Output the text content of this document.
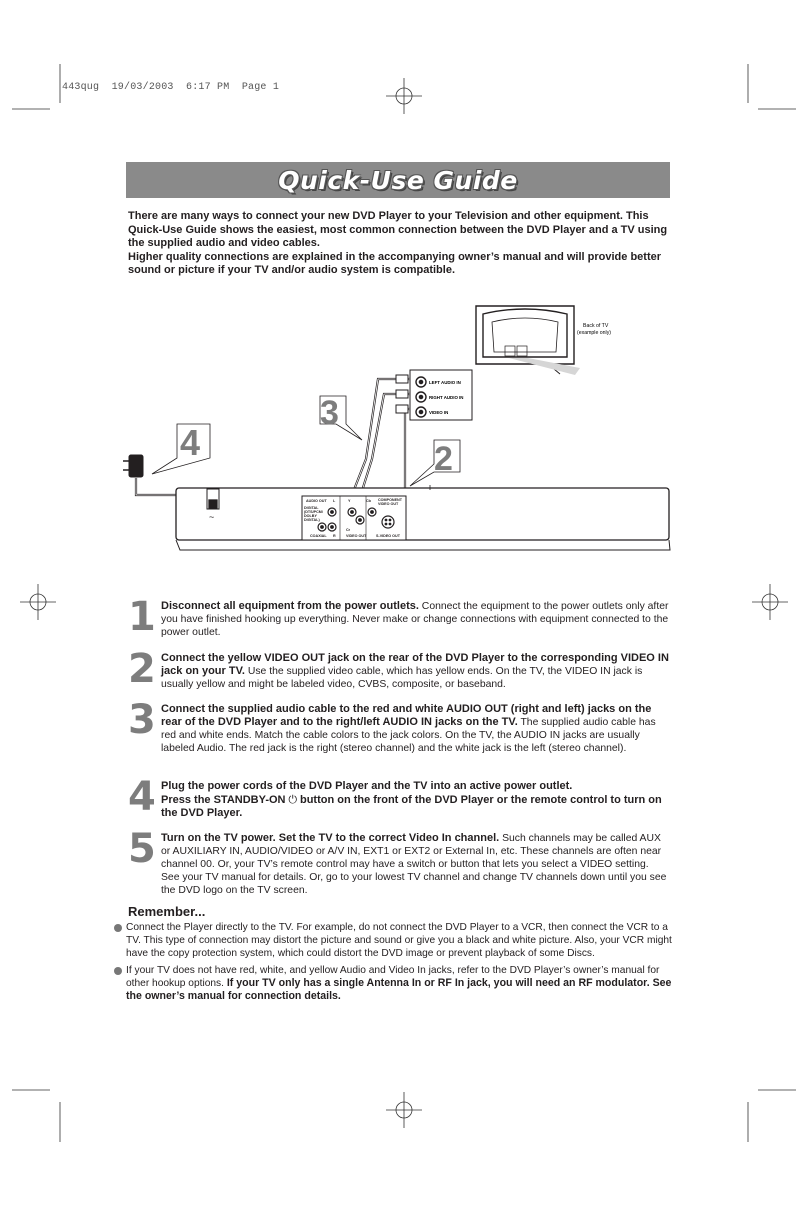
443qug  19/03/2003  6:17 PM  Page 1
Quick-Use Guide

There are many ways to connect your new DVD Player to your Television and other equipment. This Quick-Use Guide shows the easiest, most common connection between the DVD Player and a TV using the supplied audio and video cables.

Higher quality connections are explained in the accompanying owner’s manual and will provide better sound or picture if your TV and/or audio system is compatible.

Back of TV
(example only)
LEFT AUDIO IN
RIGHT AUDIO IN
VIDEO IN
4
3
2
~
AUDIO OUT
DIGITAL
(DTS/PCM/
DOLBY
DIGITAL)
COAXIAL
L
R
Y	Cb
Cr
COMPONENT
VIDEO OUT
VIDEO OUT	S-VIDEO OUT
1 Disconnect all equipment from the power outlets. Connect the equipment to the power outlets only after you have finished hooking up everything. Never make or change connections with equipment connected to the power outlet.
2 Connect the yellow VIDEO OUT jack on the rear of the DVD Player to the corresponding VIDEO IN jack on your TV. Use the supplied video cable, which has yellow ends. On the TV, the VIDEO IN jack is usually yellow and might be labeled video, CVBS, composite, or baseband.
3 Connect the supplied audio cable to the red and white AUDIO OUT (right and left) jacks on the rear of the DVD Player and to the right/left AUDIO IN jacks on the TV. The supplied audio cable has red and white ends. Match the cable colors to the jack colors. On the TV, the AUDIO IN jacks are usually labeled Audio. The red jack is the right (stereo channel) and the white jack is the left (stereo channel).
4 Plug the power cords of the DVD Player and the TV into an active power outlet.
Press the STANDBY-ON ⏻ button on the front of the DVD Player or the remote control to turn on the DVD Player.
5 Turn on the TV power. Set the TV to the correct Video In channel. Such channels may be called AUX or AUXILIARY IN, AUDIO/VIDEO or A/V IN, EXT1 or EXT2 or External In, etc. These channels are often near channel 00. Or, your TV’s remote control may have a switch or button that lets you select a VIDEO setting. See your TV manual for details. Or, go to your lowest TV channel and change TV channels down until you see the DVD logo on the TV screen.
Remember...
Connect the Player directly to the TV. For example, do not connect the DVD Player to a VCR, then connect the VCR to a TV. This type of connection may distort the picture and sound or give you a black and white picture. Also, your VCR might have the copy protection system, which could distort the DVD image or prevent playback of some Discs.
If your TV does not have red, white, and yellow Audio and Video In jacks, refer to the DVD Player’s owner’s manual for other hookup options. If your TV only has a single Antenna In or RF In jack, you will need an RF modulator. See the owner’s manual for connection details.
